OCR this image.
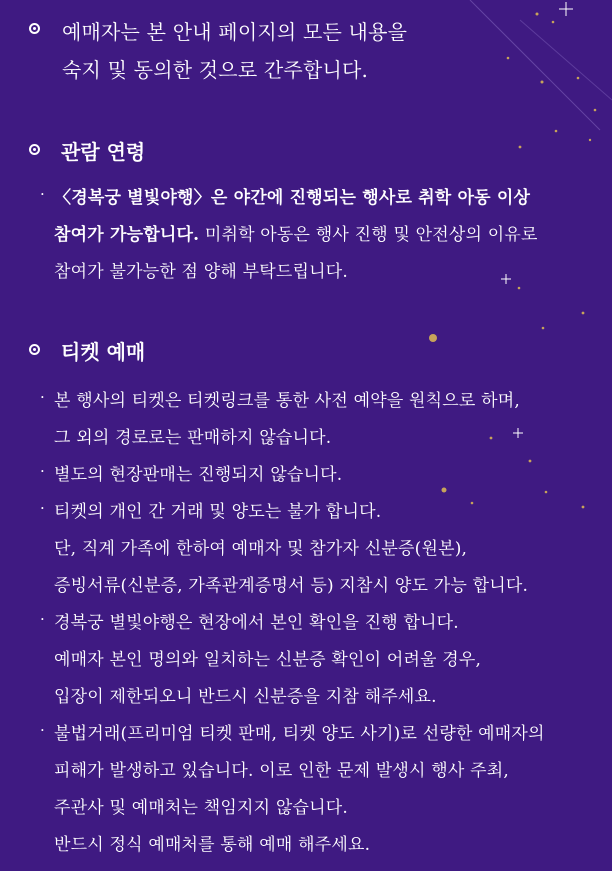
예매자는 본 안내 페이지의 모든 내용을
숙지 및 동의한 것으로 간주합니다.
관람 연령
· 〈경복궁 별빛야행〉은 야간에 진행되는 행사로 취학 아동 이상
참여가 가능합니다. 미취학 아동은 행사 진행 및 안전상의 이유로
참여가 불가능한 점 양해 부탁드립니다.
티켓 예매
· 본 행사의 티켓은 티켓링크를 통한 사전 예약을 원칙으로 하며,
그 외의 경로로는 판매하지 않습니다.
· 별도의 현장판매는 진행되지 않습니다.
· 티켓의 개인 간 거래 및 양도는 불가 합니다.
단, 직계 가족에 한하여 예매자 및 참가자 신분증(원본),
증빙서류(신분증, 가족관계증명서 등) 지참시 양도 가능 합니다.
· 경복궁 별빛야행은 현장에서 본인 확인을 진행 합니다.
예매자 본인 명의와 일치하는 신분증 확인이 어려울 경우,
입장이 제한되오니 반드시 신분증을 지참 해주세요.
· 불법거래(프리미엄 티켓 판매, 티켓 양도 사기)로 선량한 예매자의
피해가 발생하고 있습니다. 이로 인한 문제 발생시 행사 주최,
주관사 및 예매처는 책임지지 않습니다.
반드시 정식 예매처를 통해 예매 해주세요.
